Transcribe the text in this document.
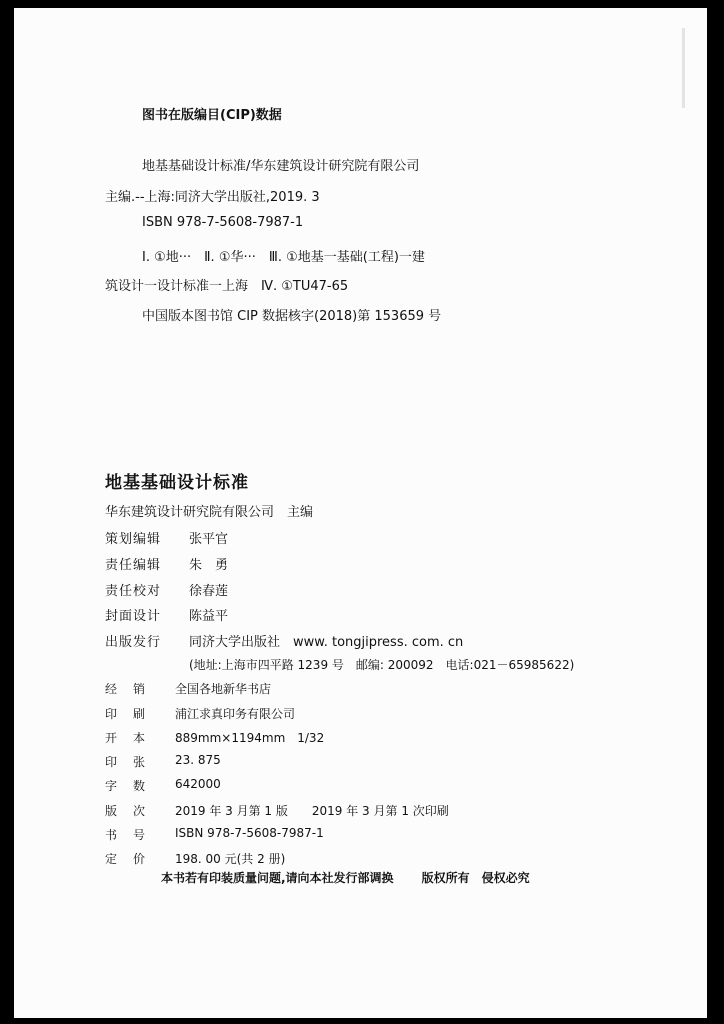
图书在版编目(CIP)数据
地基基础设计标准/华东建筑设计研究院有限公司
主编.--上海:同济大学出版社,2019. 3
ISBN 978-7-5608-7987-1
Ⅰ. ①地···　Ⅱ. ①华···　Ⅲ. ①地基一基础(工程)一建
筑设计一设计标准一上海　Ⅳ. ①TU47-65
中国版本图书馆 CIP 数据核字(2018)第 153659 号
地基基础设计标准
华东建筑设计研究院有限公司　主编
策划编辑 张平官
责任编辑 朱　勇
责任校对 徐春莲
封面设计 陈益平
出版发行 同济大学出版社　www. tongjipress. com. cn
(地址:上海市四平路 1239 号　邮编: 200092　电话:021－65985622)
经 销 全国各地新华书店
印 刷 浦江求真印务有限公司
开 本 889mm×1194mm　1/32
印 张 23. 875
字 数 642000
版 次 2019 年 3 月第 1 版　　2019 年 3 月第 1 次印刷
书 号 ISBN 978-7-5608-7987-1
定 价 198. 00 元(共 2 册)
本书若有印装质量问题,请向本社发行部调换 版权所有　侵权必究
